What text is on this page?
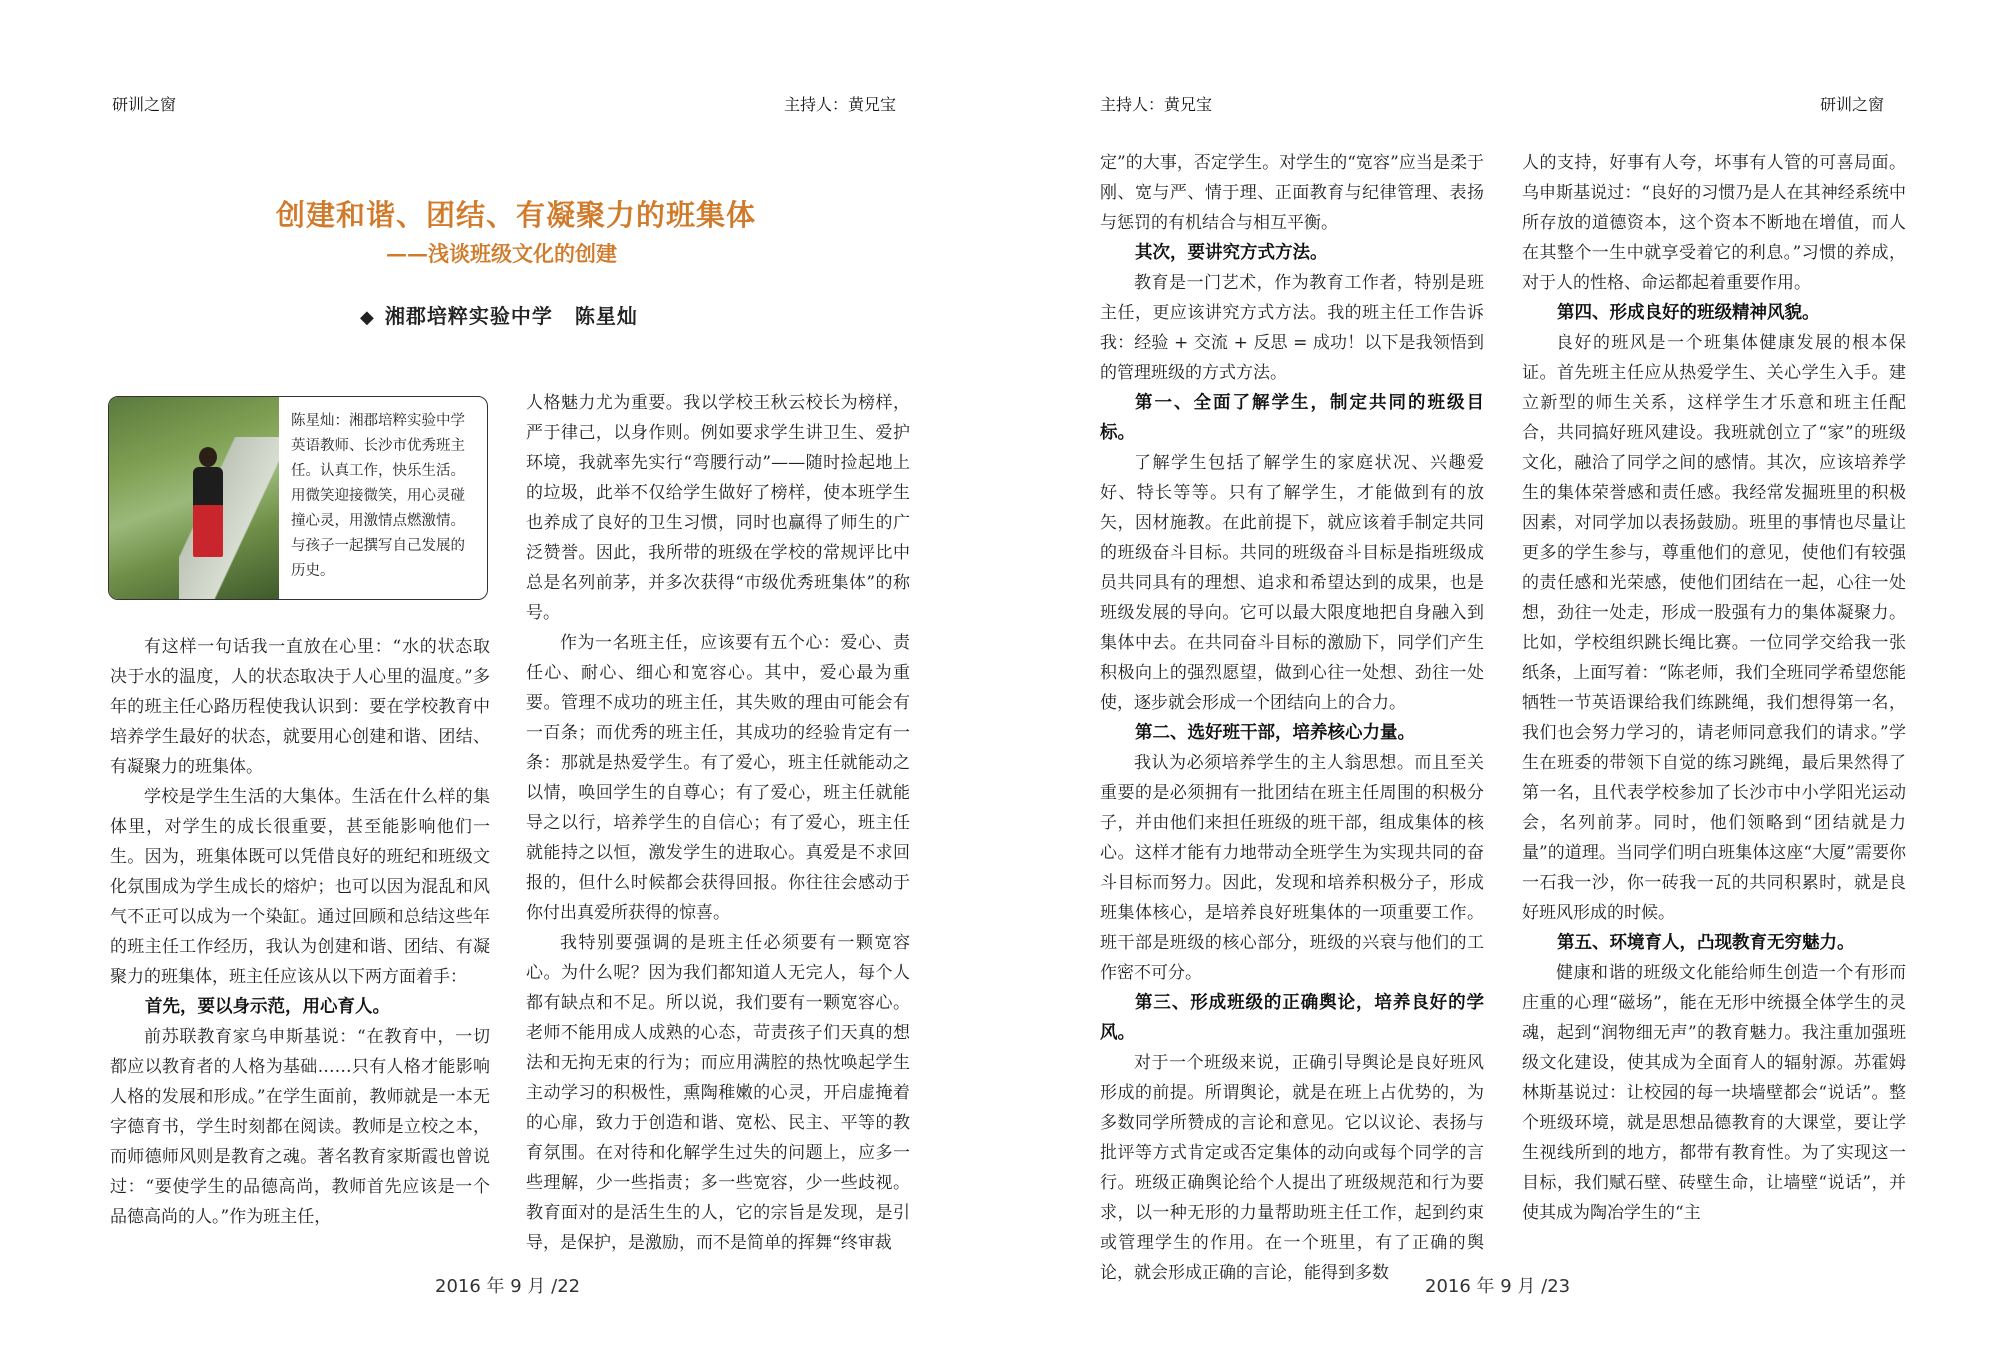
研训之窗	主持人：黄兄宝
创建和谐、团结、有凝聚力的班集体
——浅谈班级文化的创建
◆ 湘郡培粹实验中学 陈星灿
陈星灿：湘郡培粹实验中学英语教师、长沙市优秀班主任。认真工作，快乐生活。用微笑迎接微笑，用心灵碰撞心灵，用激情点燃激情。与孩子一起撰写自己发展的历史。

有这样一句话我一直放在心里：“水的状态取决于水的温度，人的状态取决于人心里的温度。”多年的班主任心路历程使我认识到：要在学校教育中培养学生最好的状态，就要用心创建和谐、团结、有凝聚力的班集体。

学校是学生生活的大集体。生活在什么样的集体里，对学生的成长很重要，甚至能影响他们一生。因为，班集体既可以凭借良好的班纪和班级文化氛围成为学生成长的熔炉；也可以因为混乱和风气不正可以成为一个染缸。通过回顾和总结这些年的班主任工作经历，我认为创建和谐、团结、有凝聚力的班集体，班主任应该从以下两方面着手：

首先，要以身示范，用心育人。

前苏联教育家乌申斯基说：“在教育中，一切都应以教育者的人格为基础……只有人格才能影响人格的发展和形成。”在学生面前，教师就是一本无字德育书，学生时刻都在阅读。教师是立校之本，而师德师风则是教育之魂。著名教育家斯霞也曾说过：“要使学生的品德高尚，教师首先应该是一个品德高尚的人。”作为班主任，

人格魅力尤为重要。我以学校王秋云校长为榜样，严于律己，以身作则。例如要求学生讲卫生、爱护环境，我就率先实行“弯腰行动”——随时捡起地上的垃圾，此举不仅给学生做好了榜样，使本班学生也养成了良好的卫生习惯，同时也赢得了师生的广泛赞誉。因此，我所带的班级在学校的常规评比中总是名列前茅，并多次获得“市级优秀班集体”的称号。

作为一名班主任，应该要有五个心：爱心、责任心、耐心、细心和宽容心。其中，爱心最为重要。管理不成功的班主任，其失败的理由可能会有一百条；而优秀的班主任，其成功的经验肯定有一条：那就是热爱学生。有了爱心，班主任就能动之以情，唤回学生的自尊心；有了爱心，班主任就能导之以行，培养学生的自信心；有了爱心，班主任就能持之以恒，激发学生的进取心。真爱是不求回报的，但什么时候都会获得回报。你往往会感动于你付出真爱所获得的惊喜。

我特别要强调的是班主任必须要有一颗宽容心。为什么呢？因为我们都知道人无完人，每个人都有缺点和不足。所以说，我们要有一颗宽容心。老师不能用成人成熟的心态，苛责孩子们天真的想法和无拘无束的行为；而应用满腔的热忱唤起学生主动学习的积极性，熏陶稚嫩的心灵，开启虚掩着的心扉，致力于创造和谐、宽松、民主、平等的教育氛围。在对待和化解学生过失的问题上，应多一些理解，少一些指责；多一些宽容，少一些歧视。教育面对的是活生生的人，它的宗旨是发现，是引导，是保护，是激励，而不是简单的挥舞“终审裁

2016 年 9 月 /22
主持人：黄兄宝	研训之窗

定”的大事，否定学生。对学生的“宽容”应当是柔于刚、宽与严、情于理、正面教育与纪律管理、表扬与惩罚的有机结合与相互平衡。

其次，要讲究方式方法。

教育是一门艺术，作为教育工作者，特别是班主任，更应该讲究方式方法。我的班主任工作告诉我：经验 + 交流 + 反思 = 成功！以下是我领悟到的管理班级的方式方法。

第一、全面了解学生，制定共同的班级目标。

了解学生包括了解学生的家庭状况、兴趣爱好、特长等等。只有了解学生，才能做到有的放矢，因材施教。在此前提下，就应该着手制定共同的班级奋斗目标。共同的班级奋斗目标是指班级成员共同具有的理想、追求和希望达到的成果，也是班级发展的导向。它可以最大限度地把自身融入到集体中去。在共同奋斗目标的激励下，同学们产生积极向上的强烈愿望，做到心往一处想、劲往一处使，逐步就会形成一个团结向上的合力。

第二、选好班干部，培养核心力量。

我认为必须培养学生的主人翁思想。而且至关重要的是必须拥有一批团结在班主任周围的积极分子，并由他们来担任班级的班干部，组成集体的核心。这样才能有力地带动全班学生为实现共同的奋斗目标而努力。因此，发现和培养积极分子，形成班集体核心，是培养良好班集体的一项重要工作。班干部是班级的核心部分，班级的兴衰与他们的工作密不可分。

第三、形成班级的正确舆论，培养良好的学风。

对于一个班级来说，正确引导舆论是良好班风形成的前提。所谓舆论，就是在班上占优势的，为多数同学所赞成的言论和意见。它以议论、表扬与批评等方式肯定或否定集体的动向或每个同学的言行。班级正确舆论给个人提出了班级规范和行为要求，以一种无形的力量帮助班主任工作，起到约束或管理学生的作用。在一个班里，有了正确的舆论，就会形成正确的言论，能得到多数

人的支持，好事有人夸，坏事有人管的可喜局面。乌申斯基说过：“良好的习惯乃是人在其神经系统中所存放的道德资本，这个资本不断地在增值，而人在其整个一生中就享受着它的利息。”习惯的养成，对于人的性格、命运都起着重要作用。

第四、形成良好的班级精神风貌。

良好的班风是一个班集体健康发展的根本保证。首先班主任应从热爱学生、关心学生入手。建立新型的师生关系，这样学生才乐意和班主任配合，共同搞好班风建设。我班就创立了“家”的班级文化，融洽了同学之间的感情。其次，应该培养学生的集体荣誉感和责任感。我经常发掘班里的积极因素，对同学加以表扬鼓励。班里的事情也尽量让更多的学生参与，尊重他们的意见，使他们有较强的责任感和光荣感，使他们团结在一起，心往一处想，劲往一处走，形成一股强有力的集体凝聚力。比如，学校组织跳长绳比赛。一位同学交给我一张纸条，上面写着：“陈老师，我们全班同学希望您能牺牲一节英语课给我们练跳绳，我们想得第一名，我们也会努力学习的，请老师同意我们的请求。”学生在班委的带领下自觉的练习跳绳，最后果然得了第一名，且代表学校参加了长沙市中小学阳光运动会，名列前茅。同时，他们领略到“团结就是力量”的道理。当同学们明白班集体这座“大厦”需要你一石我一沙，你一砖我一瓦的共同积累时，就是良好班风形成的时候。

第五、环境育人，凸现教育无穷魅力。

健康和谐的班级文化能给师生创造一个有形而庄重的心理“磁场”，能在无形中统摄全体学生的灵魂，起到“润物细无声”的教育魅力。我注重加强班级文化建设，使其成为全面育人的辐射源。苏霍姆林斯基说过：让校园的每一块墙壁都会“说话”。整个班级环境，就是思想品德教育的大课堂，要让学生视线所到的地方，都带有教育性。为了实现这一目标，我们赋石壁、砖壁生命，让墙壁“说话”，并使其成为陶冶学生的“主

2016 年 9 月 /23
